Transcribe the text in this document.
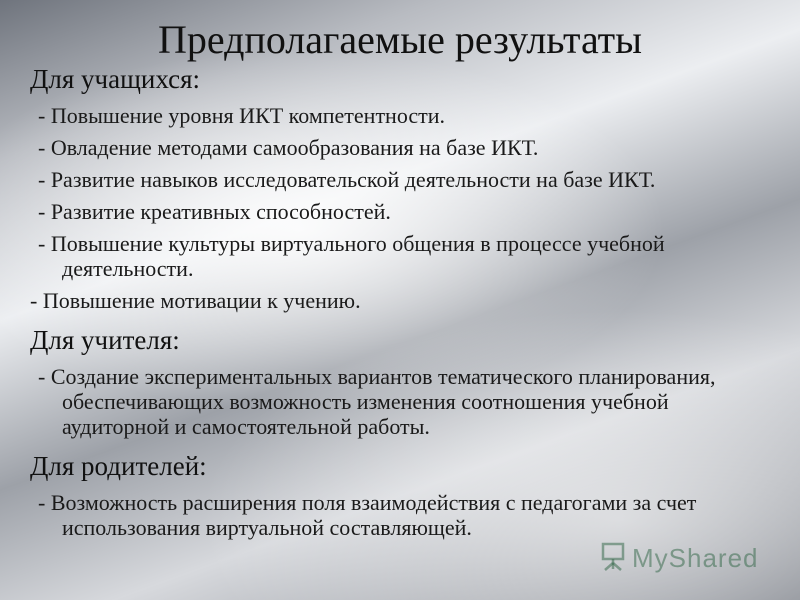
Предполагаемые результаты

Для учащихся:

- Повышение уровня ИКТ компетентности.

- Овладение методами самообразования на базе ИКТ.

- Развитие навыков исследовательской деятельности на базе ИКТ.

- Развитие креативных способностей.

- Повышение культуры виртуального общения в процессе учебной деятельности.

- Повышение мотивации к учению.

Для учителя:

- Создание экспериментальных вариантов тематического планирования, обеспечивающих возможность изменения соотношения учебной аудиторной и самостоятельной работы.

Для родителей:

- Возможность расширения поля взаимодействия с педагогами за счет использования виртуальной составляющей.

MyShared
